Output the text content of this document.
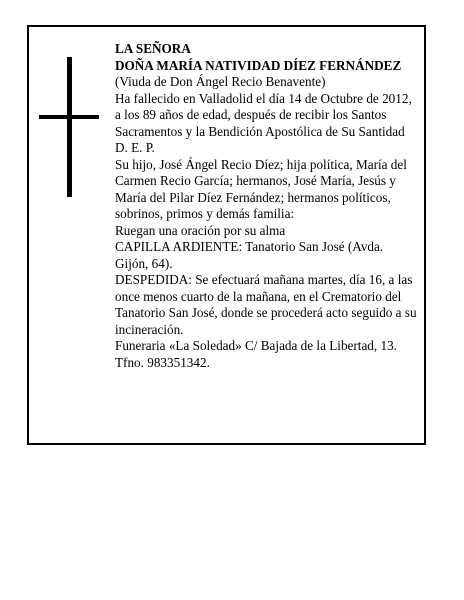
LA SEÑORA

DOÑA MARÍA NATIVIDAD DÍEZ FERNÁNDEZ

(Viuda de Don Ángel Recio Benavente)

Ha fallecido en Valladolid el día 14 de Octubre de 2012, a los 89 años de edad, después de recibir los Santos Sacramentos y la Bendición Apostólica de Su Santidad

D. E. P.

Su hijo, José Ángel Recio Díez; hija política, María del Carmen Recio García; hermanos, José María, Jesús y María del Pilar Díez Fernández; hermanos políticos, sobrinos, primos y demás familia:

Ruegan una oración por su alma

CAPILLA ARDIENTE: Tanatorio San José (Avda. Gijón, 64).

DESPEDIDA: Se efectuará mañana martes, día 16, a las once menos cuarto de la mañana, en el Crematorio del Tanatorio San José, donde se procederá acto seguido a su incineración.

Funeraria «La Soledad» C/ Bajada de la Libertad, 13. Tfno. 983351342.
